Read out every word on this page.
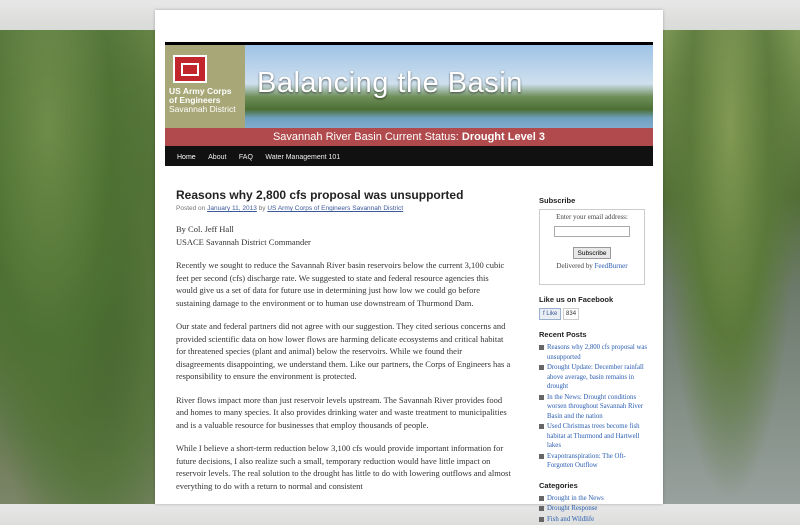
US Army Corps
of Engineers
Savannah District
Balancing the Basin
Savannah River Basin Current Status: Drought Level 3
Home About FAQ Water Management 101
Reasons why 2,800 cfs proposal was unsupported
Posted on January 11, 2013 by US Army Corps of Engineers Savannah District

By Col. Jeff Hall
USACE Savannah District Commander

Recently we sought to reduce the Savannah River basin reservoirs below the current 3,100 cubic feet per second (cfs) discharge rate. We suggested to state and federal resource agencies this would give us a set of data for future use in determining just how low we could go before sustaining damage to the environment or to human use downstream of Thurmond Dam.

Our state and federal partners did not agree with our suggestion. They cited serious concerns and provided scientific data on how lower flows are harming delicate ecosystems and critical habitat for threatened species (plant and animal) below the reservoirs. While we found their disagreements disappointing, we understand them. Like our partners, the Corps of Engineers has a responsibility to ensure the environment is protected.

River flows impact more than just reservoir levels upstream. The Savannah River provides food and homes to many species. It also provides drinking water and waste treatment to municipalities and is a valuable resource for businesses that employ thousands of people.

While I believe a short-term reduction below 3,100 cfs would provide important information for future decisions, I also realize such a small, temporary reduction would have little impact on reservoir levels. The real solution to the drought has little to do with lowering outflows and almost everything to do with a return to normal and consistent

Subscribe
Enter your email address:
Subscribe
Delivered by FeedBurner
Like us on Facebook
f Like 834
Recent Posts
Reasons why 2,800 cfs proposal was unsupported
Drought Update: December rainfall above average, basin remains in drought
In the News: Drought conditions worsen throughout Savannah River Basin and the nation
Used Christmas trees become fish habitat at Thurmond and Hartwell lakes
Evapotranspiration: The Oft-Forgotten Outflow
Categories
Drought in the News
Drought Response
Fish and Wildlife
